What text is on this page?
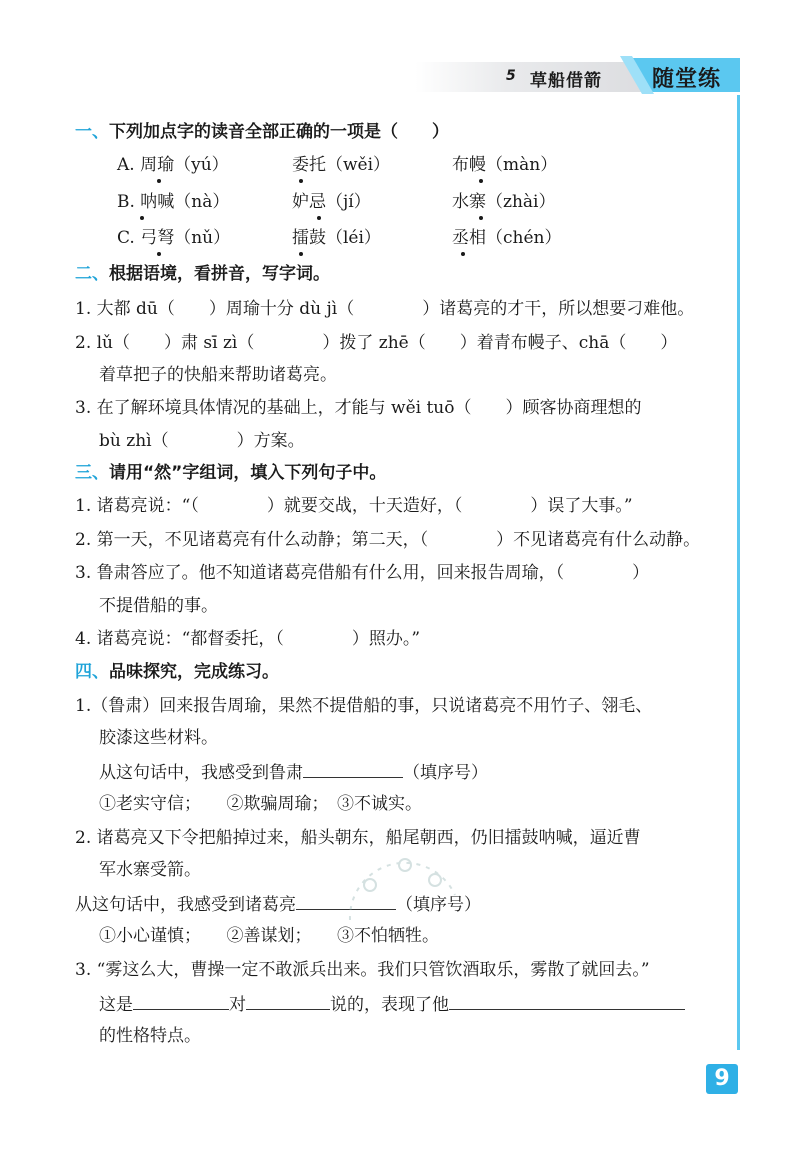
5 草船借箭 随堂练
一、下列加点字的读音全部正确的一项是（　　）
A. 周瑜（yú）	委托（wěi）	布幔（màn）
B. 呐喊（nà）	妒忌（jí）	水寨（zhài）
C. 弓弩（nǔ）	擂鼓（léi）	丞相（chén）
二、根据语境，看拼音，写字词。
1. 大都 dū（　　）周瑜十分 dù jì（　　　　）诸葛亮的才干，所以想要刁难他。
2. lǔ（　　）肃 sī zì（　　　　）拨了 zhē（　　）着青布幔子、chā（　　）
着草把子的快船来帮助诸葛亮。
3. 在了解环境具体情况的基础上，才能与 wěi tuō（　　）顾客协商理想的
bù zhì（　　　　）方案。
三、请用“然”字组词，填入下列句子中。
1. 诸葛亮说：“（　　　　）就要交战，十天造好，（　　　　）误了大事。”
2. 第一天，不见诸葛亮有什么动静；第二天，（　　　　）不见诸葛亮有什么动静。
3. 鲁肃答应了。他不知道诸葛亮借船有什么用，回来报告周瑜，（　　　　）
不提借船的事。
4. 诸葛亮说：“都督委托，（　　　　）照办。”
四、品味探究，完成练习。
1.（鲁肃）回来报告周瑜，果然不提借船的事，只说诸葛亮不用竹子、翎毛、
胶漆这些材料。
从这句话中，我感受到鲁肃	（填序号）
①老实守信；　　②欺骗周瑜；　③不诚实。
2. 诸葛亮又下令把船掉过来，船头朝东，船尾朝西，仍旧擂鼓呐喊，逼近曹
军水寨受箭。
从这句话中，我感受到诸葛亮	（填序号）
①小心谨慎；　　②善谋划；　　③不怕牺牲。
3. “雾这么大，曹操一定不敢派兵出来。我们只管饮酒取乐，雾散了就回去。”
这是	对	说的，表现了他
的性格特点。
9
